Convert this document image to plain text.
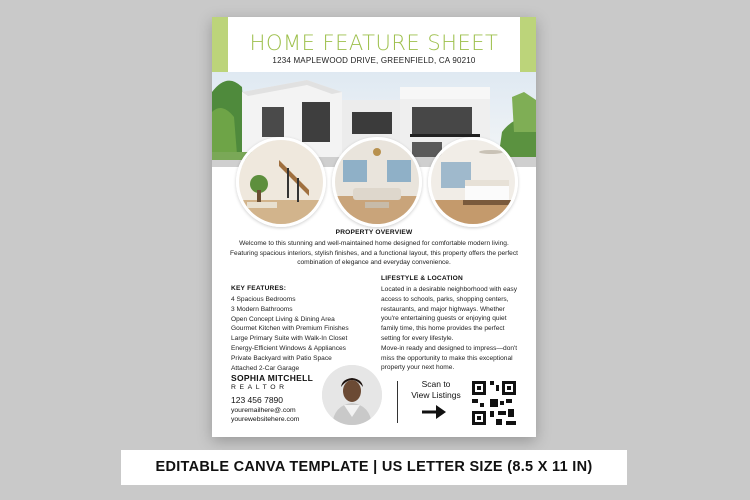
HOME FEATURE SHEET
1234 MAPLEWOOD DRIVE, GREENFIELD, CA 90210
PROPERTY OVERVIEW
Welcome to this stunning and well-maintained home designed for comfortable modern living. Featuring spacious interiors, stylish finishes, and a functional layout, this property offers the perfect combination of elegance and everyday convenience.
KEY FEATURES:
4 Spacious Bedrooms
3 Modern Bathrooms
Open Concept Living & Dining Area
Gourmet Kitchen with Premium Finishes
Large Primary Suite with Walk-In Closet
Energy-Efficient Windows & Appliances
Private Backyard with Patio Space
Attached 2-Car Garage
LIFESTYLE & LOCATION
Located in a desirable neighborhood with easy access to schools, parks, shopping centers, restaurants, and major highways. Whether you're entertaining guests or enjoying quiet family time, this home provides the perfect setting for every lifestyle.
Move-in ready and designed to impress—don't miss the opportunity to make this exceptional property your next home.
SOPHIA MITCHELL
REALTOR
123 456 7890
youremailhere@.com
yourewebsitehere.com
Scan to
View Listings
EDITABLE CANVA TEMPLATE | US LETTER SIZE (8.5 X 11 IN)
